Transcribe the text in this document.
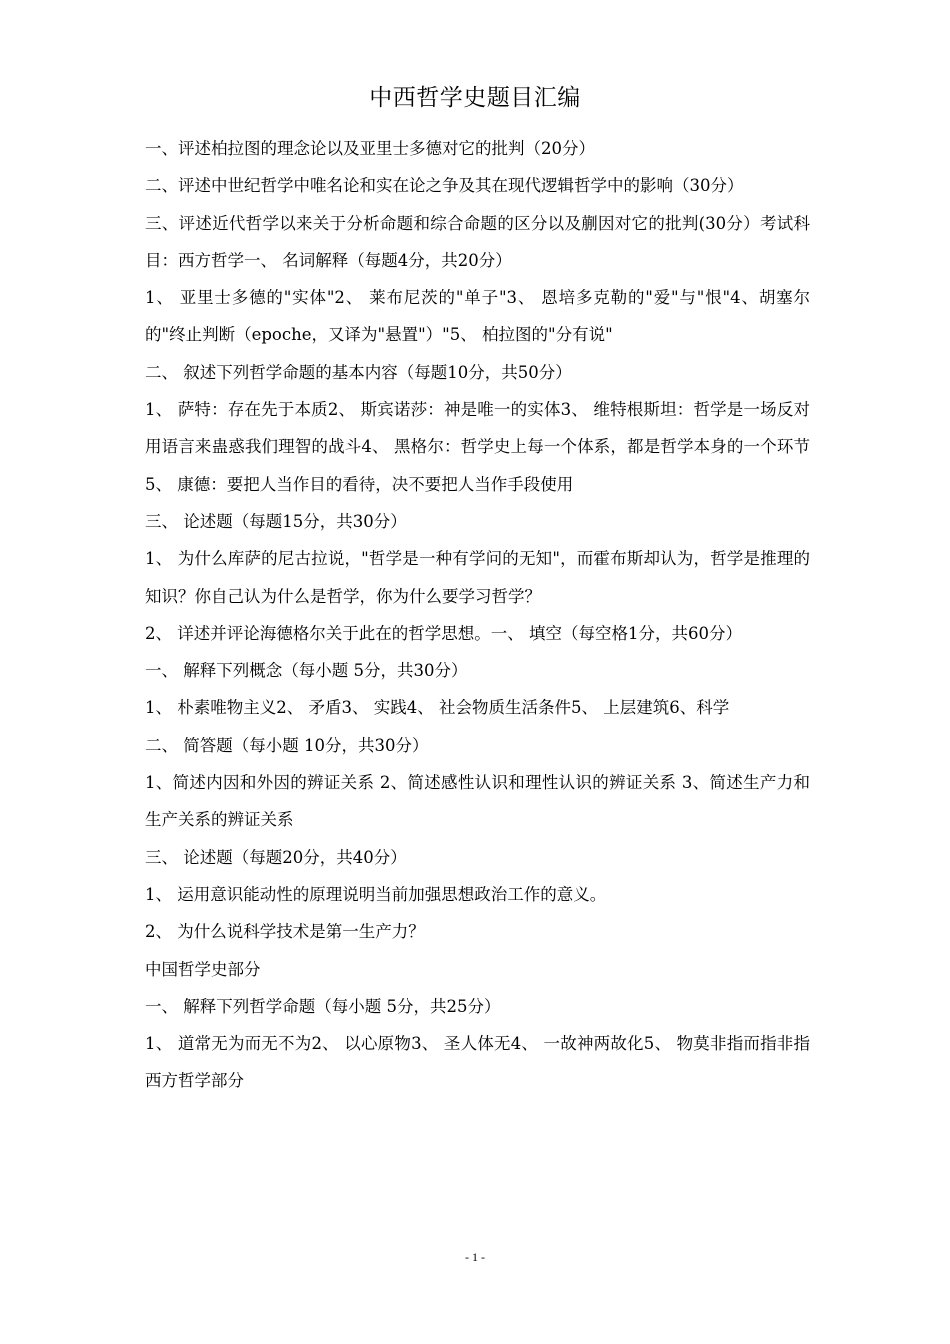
中西哲学史题目汇编

一、评述柏拉图的理念论以及亚里士多德对它的批判（20分）

二、评述中世纪哲学中唯名论和实在论之争及其在现代逻辑哲学中的影响（30分）

三、评述近代哲学以来关于分析命题和综合命题的区分以及蒯因对它的批判(30分）考试科目：西方哲学一、 名词解释（每题4分，共20分）

1、 亚里士多德的"实体"2、 莱布尼茨的"单子"3、 恩培多克勒的"爱"与"恨"4、胡塞尔的"终止判断（epoche，又译为"悬置"）"5、 柏拉图的"分有说"

二、 叙述下列哲学命题的基本内容（每题10分，共50分）

1、 萨特：存在先于本质2、 斯宾诺莎：神是唯一的实体3、 维特根斯坦：哲学是一场反对用语言来蛊惑我们理智的战斗4、 黑格尔：哲学史上每一个体系，都是哲学本身的一个环节5、 康德：要把人当作目的看待，决不要把人当作手段使用

三、 论述题（每题15分，共30分）

1、 为什么库萨的尼古拉说，"哲学是一种有学问的无知"，而霍布斯却认为，哲学是推理的知识？你自己认为什么是哲学，你为什么要学习哲学？

2、 详述并评论海德格尔关于此在的哲学思想。一、 填空（每空格1分，共60分）

一、 解释下列概念（每小题 5分，共30分）

1、 朴素唯物主义2、 矛盾3、 实践4、 社会物质生活条件5、 上层建筑6、科学

二、 简答题（每小题 10分，共30分）

1、简述内因和外因的辨证关系 2、简述感性认识和理性认识的辨证关系 3、简述生产力和生产关系的辨证关系

三、 论述题（每题20分，共40分）

1、 运用意识能动性的原理说明当前加强思想政治工作的意义。

2、 为什么说科学技术是第一生产力？

中国哲学史部分

一、 解释下列哲学命题（每小题 5分，共25分）

1、 道常无为而无不为2、 以心原物3、 圣人体无4、 一故神两故化5、 物莫非指而指非指西方哲学部分

- 1 -
